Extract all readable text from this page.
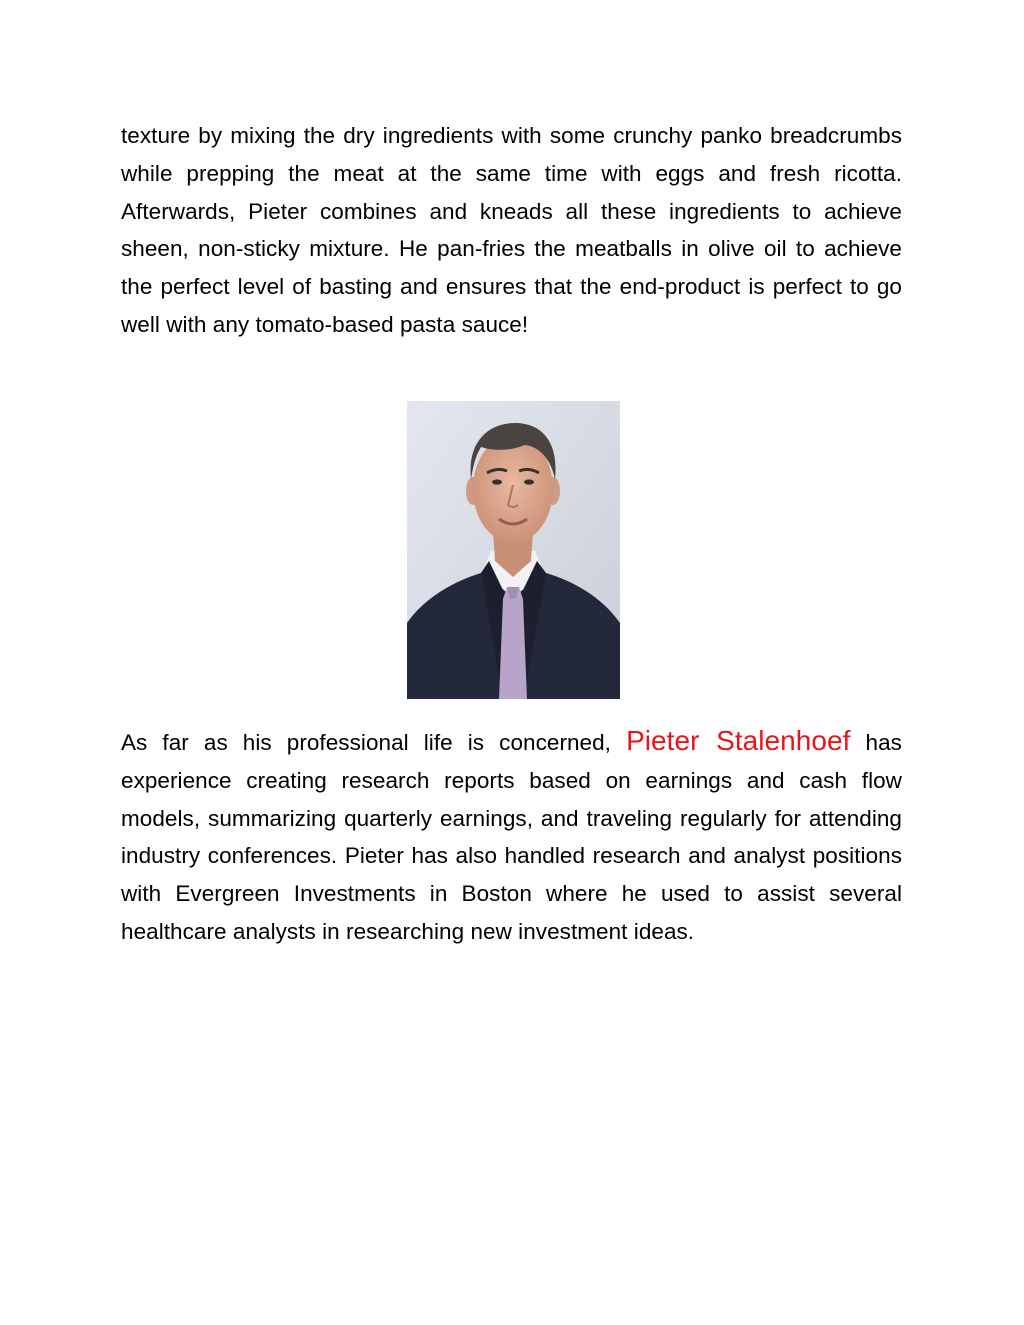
texture by mixing the dry ingredients with some crunchy panko breadcrumbs while prepping the meat at the same time with eggs and fresh ricotta. Afterwards, Pieter combines and kneads all these ingredients to achieve sheen, non-sticky mixture. He pan-fries the meatballs in olive oil to achieve the perfect level of basting and ensures that the end-product is perfect to go well with any tomato-based pasta sauce!

As far as his professional life is concerned, Pieter Stalenhoef has experience creating research reports based on earnings and cash flow models, summarizing quarterly earnings, and traveling regularly for attending industry conferences. Pieter has also handled research and analyst positions with Evergreen Investments in Boston where he used to assist several healthcare analysts in researching new investment ideas.
